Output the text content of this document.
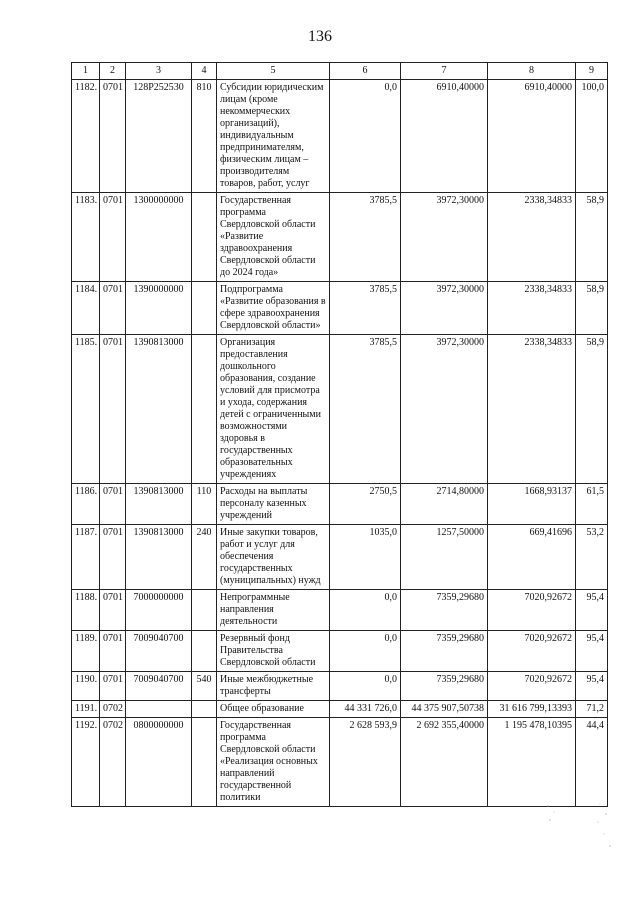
136
1	2	3	4	5	6	7	8	9
1182.	0701	128P252530	810	Субсидии юридическим лицам (кроме некоммерческих организаций), индивидуальным предпринимателям, физическим лицам – производителям товаров, работ, услуг	0,0	6910,40000	6910,40000	100,0
1183.	0701	1300000000		Государственная программа Свердловской области «Развитие здравоохранения Свердловской области до 2024 года»	3785,5	3972,30000	2338,34833	58,9
1184.	0701	1390000000		Подпрограмма «Развитие образования в сфере здравоохранения Свердловской области»	3785,5	3972,30000	2338,34833	58,9
1185.	0701	1390813000		Организация предоставления дошкольного образования, создание условий для присмотра и ухода, содержания детей с ограниченными возможностями здоровья в государственных образовательных учреждениях	3785,5	3972,30000	2338,34833	58,9
1186.	0701	1390813000	110	Расходы на выплаты персоналу казенных учреждений	2750,5	2714,80000	1668,93137	61,5
1187.	0701	1390813000	240	Иные закупки товаров, работ и услуг для обеспечения государственных (муниципальных) нужд	1035,0	1257,50000	669,41696	53,2
1188.	0701	7000000000		Непрограммные направления деятельности	0,0	7359,29680	7020,92672	95,4
1189.	0701	7009040700		Резервный фонд Правительства Свердловской области	0,0	7359,29680	7020,92672	95,4
1190.	0701	7009040700	540	Иные межбюджетные трансферты	0,0	7359,29680	7020,92672	95,4
1191.	0702			Общее образование	44 331 726,0	44 375 907,50738	31 616 799,13393	71,2
1192.	0702	0800000000		Государственная программа Свердловской области «Реализация основных направлений государственной политики	2 628 593,9	2 692 355,40000	1 195 478,10395	44,4
